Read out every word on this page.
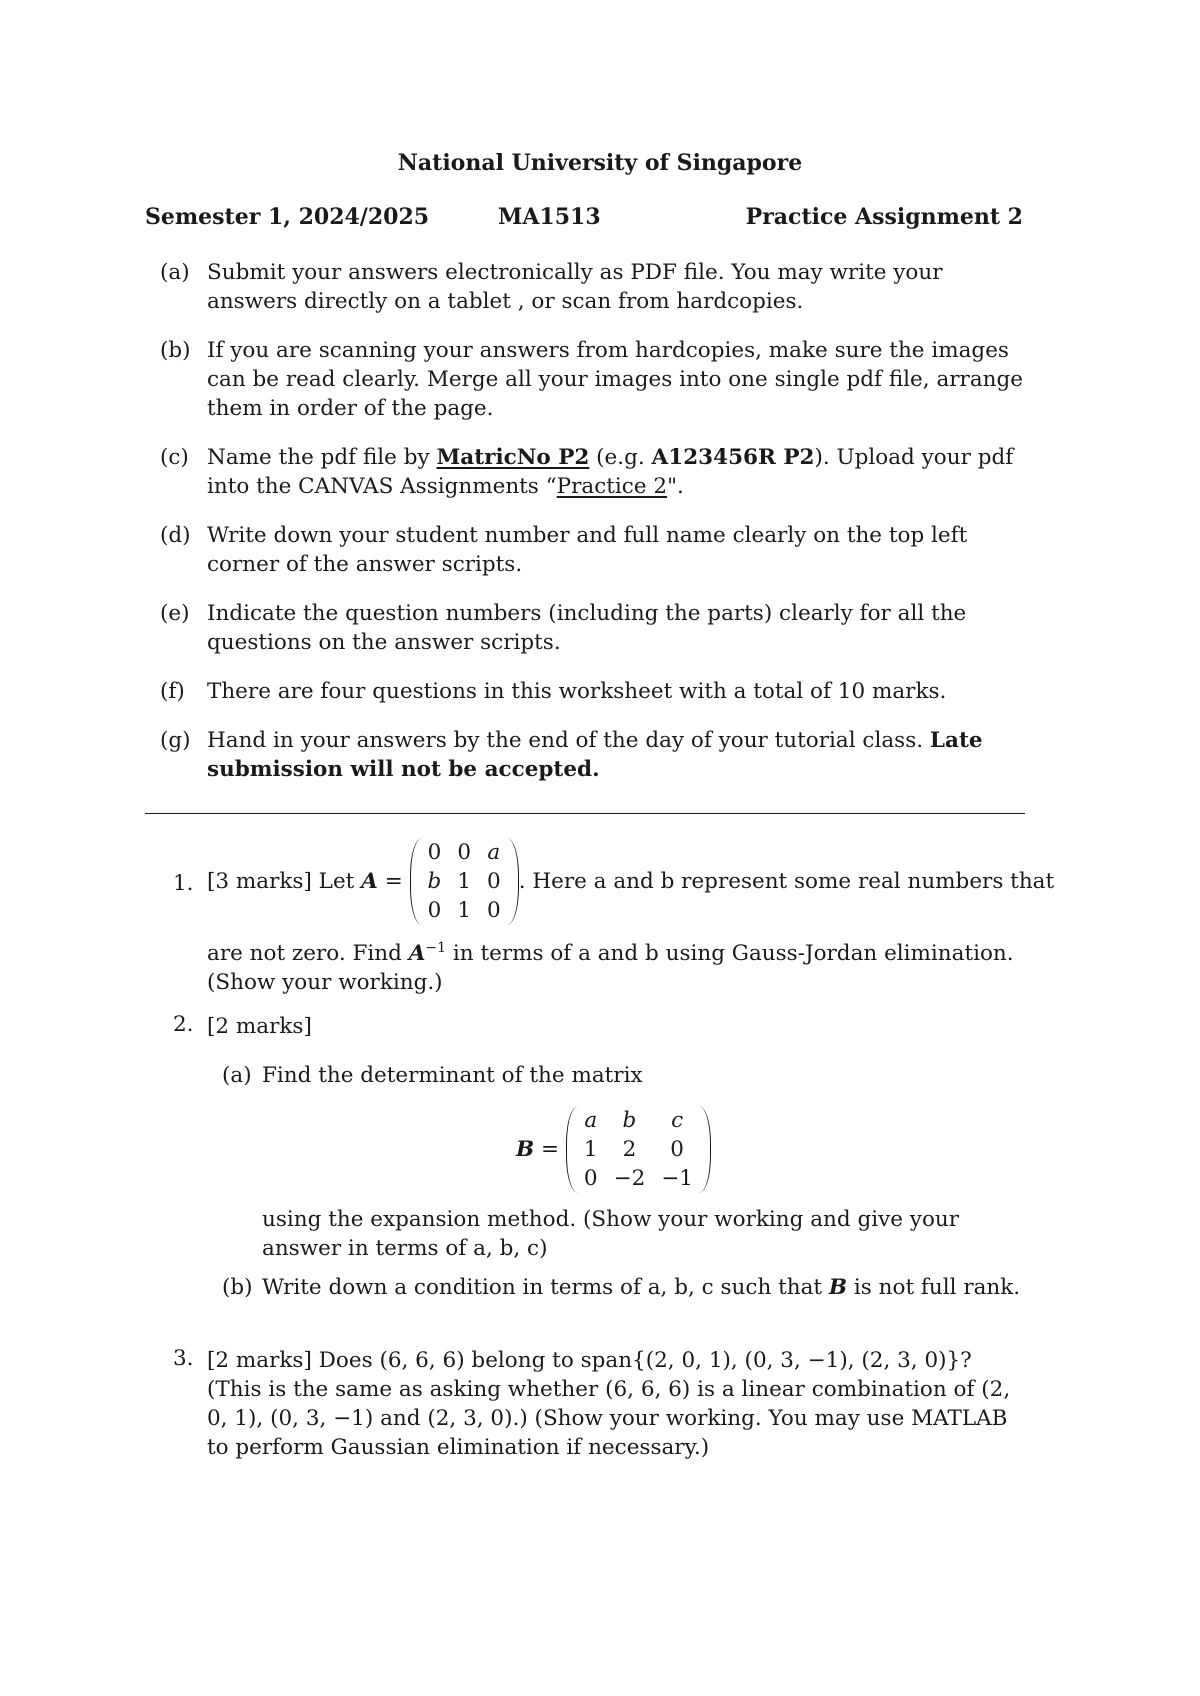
National University of Singapore
Semester 1, 2024/2025	MA1513	Practice Assignment 2
(a) Submit your answers electronically as PDF file. You may write your answers directly on a tablet , or scan from hardcopies.
(b) If you are scanning your answers from hardcopies, make sure the images can be read clearly. Merge all your images into one single pdf file, arrange them in order of the page.
(c) Name the pdf file by MatricNo P2 (e.g. A123456R P2). Upload your pdf into the CANVAS Assignments “Practice 2".
(d) Write down your student number and full name clearly on the top left corner of the answer scripts.
(e) Indicate the question numbers (including the parts) clearly for all the questions on the answer scripts.
(f) There are four questions in this worksheet with a total of 10 marks.
(g) Hand in your answers by the end of the day of your tutorial class. Late submission will not be accepted.
1. [3 marks] Let A =
0	0	a
b	1	0
0	1	0
. Here a and b represent some real numbers that
are not zero. Find $A^{-1}$ in terms of a and b using Gauss-Jordan elimination.
(Show your working.)
2. [2 marks]
(a) Find the determinant of the matrix
B =
a	b	c
1	2	0
0	−2	−1
using the expansion method. (Show your working and give your answer in terms of a, b, c)
(b) Write down a condition in terms of a, b, c such that B is not full rank.
3. [2 marks] Does (6, 6, 6) belong to span{(2, 0, 1), (0, 3, −1), (2, 3, 0)}?
(This is the same as asking whether (6, 6, 6) is a linear combination of (2, 0, 1), (0, 3, −1) and (2, 3, 0).) (Show your working. You may use MATLAB to perform Gaussian elimination if necessary.)
